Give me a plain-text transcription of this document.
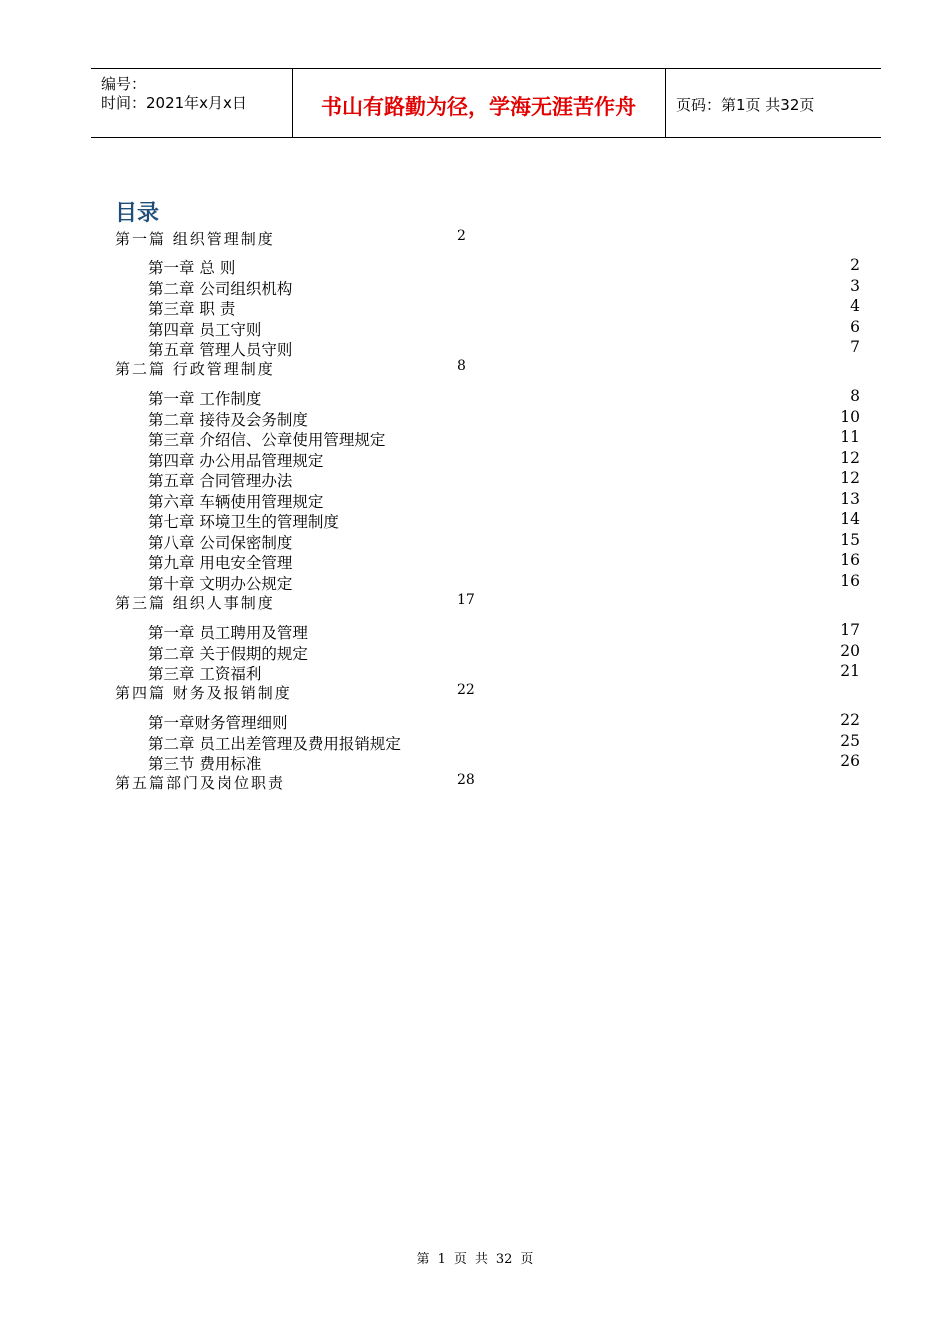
编号：
时间：2021年x月x日	书山有路勤为径，学海无涯苦作舟	页码：第1页 共32页
目录
第一篇 组织管理制度	2
第一章 总 则	2
第二章 公司组织机构	3
第三章 职 责	4
第四章 员工守则	6
第五章 管理人员守则	7
第二篇 行政管理制度	8
第一章 工作制度	8
第二章 接待及会务制度	10
第三章 介绍信、公章使用管理规定	11
第四章 办公用品管理规定	12
第五章 合同管理办法	12
第六章 车辆使用管理规定	13
第七章 环境卫生的管理制度	14
第八章 公司保密制度	15
第九章 用电安全管理	16
第十章 文明办公规定	16
第三篇 组织人事制度	17
第一章 员工聘用及管理	17
第二章 关于假期的规定	20
第三章 工资福利	21
第四篇 财务及报销制度	22
第一章财务管理细则	22
第二章 员工出差管理及费用报销规定	25
第三节 费用标准	26
第五篇部门及岗位职责	28
第 1 页 共 32 页
